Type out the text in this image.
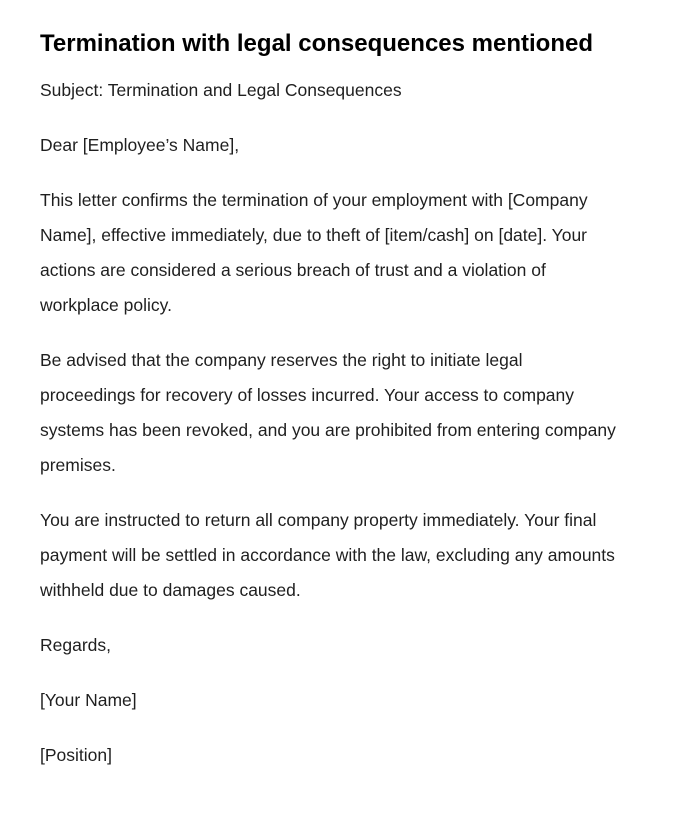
Termination with legal consequences mentioned

Subject: Termination and Legal Consequences

Dear [Employee’s Name],

This letter confirms the termination of your employment with [Company Name], effective immediately, due to theft of [item/cash] on [date]. Your actions are considered a serious breach of trust and a violation of workplace policy.

Be advised that the company reserves the right to initiate legal proceedings for recovery of losses incurred. Your access to company systems has been revoked, and you are prohibited from entering company premises.

You are instructed to return all company property immediately. Your final payment will be settled in accordance with the law, excluding any amounts withheld due to damages caused.

Regards,

[Your Name]

[Position]
